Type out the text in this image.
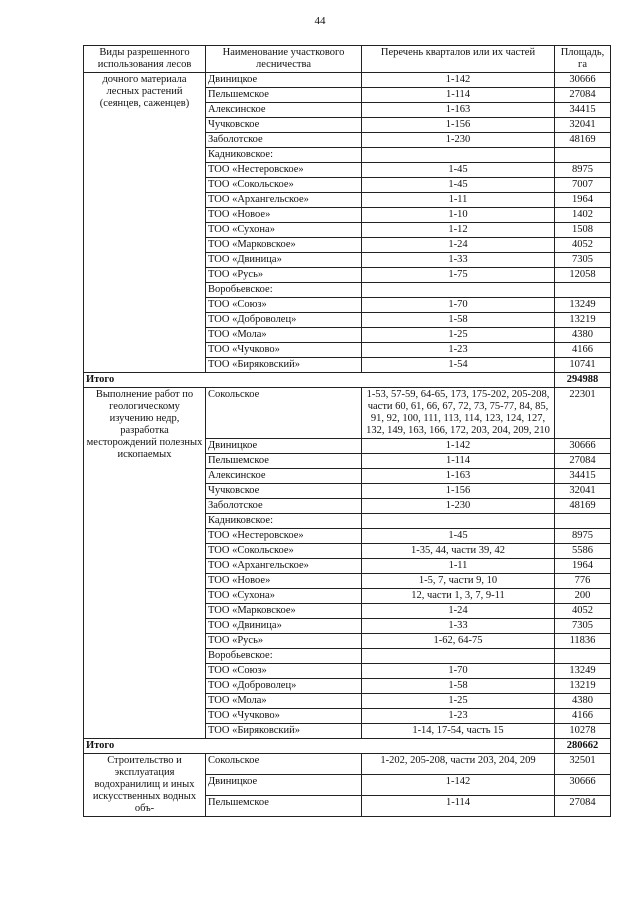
44
Виды разрешенного использования лесов	Наименование участкового лесничества	Перечень кварталов или их частей	Площадь, га
дочного материала лесных растений (сеянцев, саженцев)	Двиницкое	1-142	30666
	Пельшемское	1-114	27084
	Алексинское	1-163	34415
	Чучковское	1-156	32041
	Заболотское	1-230	48169
	Кадниковское:		
	ТОО «Нестеровское»	1-45	8975
	ТОО «Сокольское»	1-45	7007
	ТОО «Архангельское»	1-11	1964
	ТОО «Новое»	1-10	1402
	ТОО «Сухона»	1-12	1508
	ТОО «Марковское»	1-24	4052
	ТОО «Двиница»	1-33	7305
	ТОО «Русь»	1-75	12058
	Воробьевское:		
	ТОО «Союз»	1-70	13249
	ТОО «Доброволец»	1-58	13219
	ТОО «Мола»	1-25	4380
	ТОО «Чучково»	1-23	4166
	ТОО «Биряковский»	1-54	10741
Итого			294988
Выполнение работ по геологическому изучению недр, разработка месторождений полезных ископаемых	Сокольское	1-53, 57-59, 64-65, 173, 175-202, 205-208, части 60, 61, 66, 67, 72, 73, 75-77, 84, 85, 91, 92, 100, 111, 113, 114, 123, 124, 127, 132, 149, 163, 166, 172, 203, 204, 209, 210	22301
	Двиницкое	1-142	30666
	Пельшемское	1-114	27084
	Алексинское	1-163	34415
	Чучковское	1-156	32041
	Заболотское	1-230	48169
	Кадниковское:		
	ТОО «Нестеровское»	1-45	8975
	ТОО «Сокольское»	1-35, 44, части 39, 42	5586
	ТОО «Архангельское»	1-11	1964
	ТОО «Новое»	1-5, 7, части 9, 10	776
	ТОО «Сухона»	12, части 1, 3, 7, 9-11	200
	ТОО «Марковское»	1-24	4052
	ТОО «Двиница»	1-33	7305
	ТОО «Русь»	1-62, 64-75	11836
	Воробьевское:		
	ТОО «Союз»	1-70	13249
	ТОО «Доброволец»	1-58	13219
	ТОО «Мола»	1-25	4380
	ТОО «Чучково»	1-23	4166
	ТОО «Биряковский»	1-14, 17-54, часть 15	10278
Итого			280662
Строительство и эксплуатация водохранилищ и иных искусственных водных объ-	Сокольское	1-202, 205-208, части 203, 204, 209	32501
	Двиницкое	1-142	30666
	Пельшемское	1-114	27084
